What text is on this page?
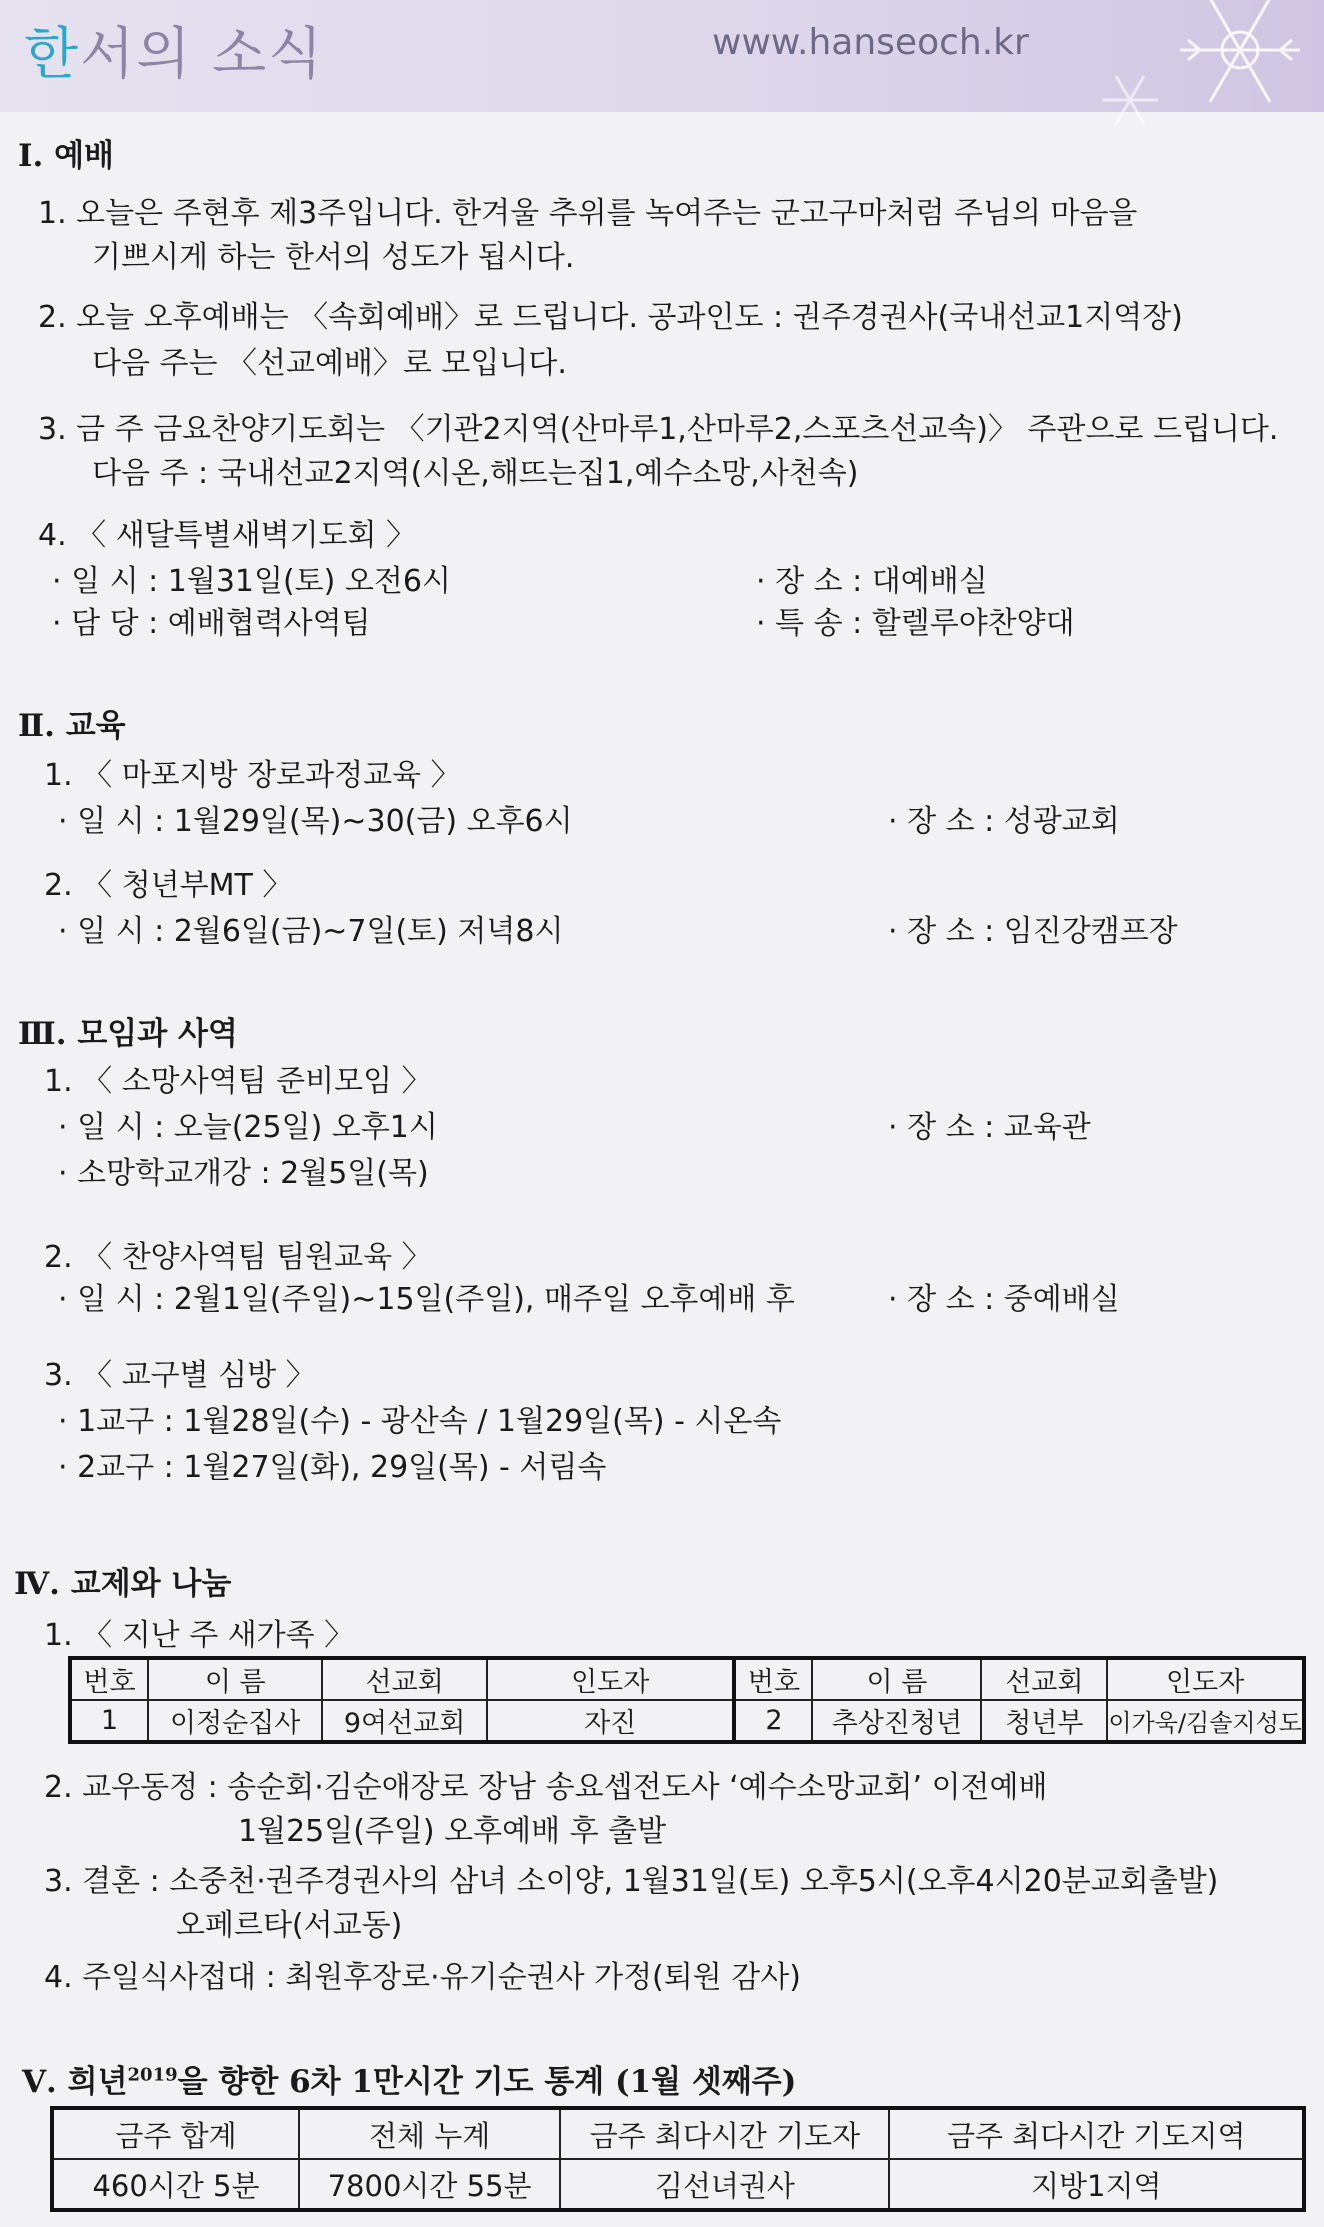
한서의 소식	www.hanseoch.kr
Ⅰ. 예배
1. 오늘은 주현후 제3주입니다. 한겨울 추위를 녹여주는 군고구마처럼 주님의 마음을
기쁘시게 하는 한서의 성도가 됩시다.
2. 오늘 오후예배는 〈속회예배〉로 드립니다. 공과인도 : 권주경권사(국내선교1지역장)
다음 주는 〈선교예배〉로 모입니다.
3. 금 주 금요찬양기도회는 〈기관2지역(산마루1,산마루2,스포츠선교속)〉 주관으로 드립니다.
다음 주 : 국내선교2지역(시온,해뜨는집1,예수소망,사천속)
4. 〈 새달특별새벽기도회 〉
· 일 시 : 1월31일(토) 오전6시	· 장 소 : 대예배실
· 담 당 : 예배협력사역팀	· 특 송 : 할렐루야찬양대
Ⅱ. 교육
1. 〈 마포지방 장로과정교육 〉
· 일 시 : 1월29일(목)~30(금) 오후6시	· 장 소 : 성광교회
2. 〈 청년부MT 〉
· 일 시 : 2월6일(금)~7일(토) 저녁8시	· 장 소 : 임진강캠프장
Ⅲ. 모임과 사역
1. 〈 소망사역팀 준비모임 〉
· 일 시 : 오늘(25일) 오후1시	· 장 소 : 교육관
· 소망학교개강 : 2월5일(목)
2. 〈 찬양사역팀 팀원교육 〉
· 일 시 : 2월1일(주일)~15일(주일), 매주일 오후예배 후	· 장 소 : 중예배실
3. 〈 교구별 심방 〉
· 1교구 : 1월28일(수) - 광산속 / 1월29일(목) - 시온속
· 2교구 : 1월27일(화), 29일(목) - 서림속
Ⅳ. 교제와 나눔
1. 〈 지난 주 새가족 〉
번호	이 름	선교회	인도자	번호	이 름	선교회	인도자
1	이정순집사	9여선교회	자진	2	추상진청년	청년부	이가욱/김솔지성도
2. 교우동정 : 송순회·김순애장로 장남 송요셉전도사 ‘예수소망교회’ 이전예배
1월25일(주일) 오후예배 후 출발
3. 결혼 : 소중천·권주경권사의 삼녀 소이양, 1월31일(토) 오후5시(오후4시20분교회출발)
오페르타(서교동)
4. 주일식사접대 : 최원후장로·유기순권사 가정(퇴원 감사)
Ⅴ. 희년$^{2019}$을 향한 6차 1만시간 기도 통계 (1월 셋째주)
금주 합계	전체 누계	금주 최다시간 기도자	금주 최다시간 기도지역
460시간 5분	7800시간 55분	김선녀권사	지방1지역
